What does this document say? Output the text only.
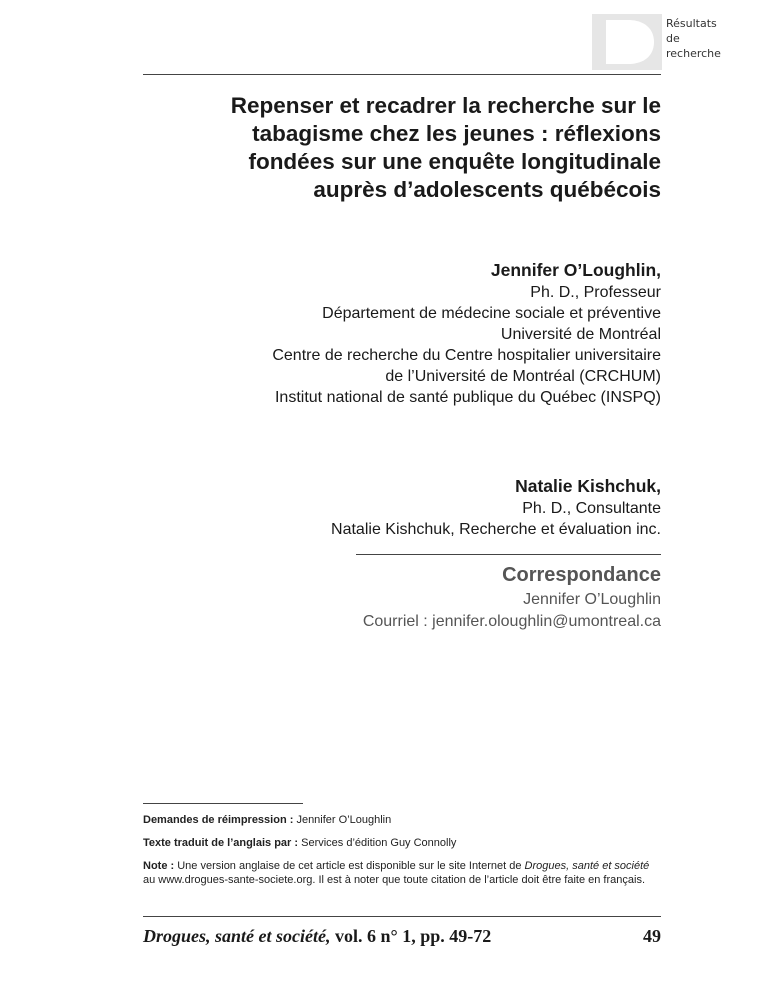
Résultats
de
recherche
Repenser et recadrer la recherche sur le
tabagisme chez les jeunes : réflexions
fondées sur une enquête longitudinale
auprès d’adolescents québécois
Jennifer O’Loughlin,
Ph. D., Professeur
Département de médecine sociale et préventive
Université de Montréal
Centre de recherche du Centre hospitalier universitaire
de l’Université de Montréal (CRCHUM)
Institut national de santé publique du Québec (INSPQ)
Natalie Kishchuk,
Ph. D., Consultante
Natalie Kishchuk, Recherche et évaluation inc.
Correspondance
Jennifer O’Loughlin
Courriel : jennifer.oloughlin@umontreal.ca

Demandes de réimpression : Jennifer O’Loughlin

Texte traduit de l’anglais par : Services d’édition Guy Connolly

Note : Une version anglaise de cet article est disponible sur le site Internet de Drogues, santé et société au www.drogues-sante-societe.org. Il est à noter que toute citation de l’article doit être faite en français.

Drogues, santé et société, vol. 6 n° 1, pp. 49-72	49
